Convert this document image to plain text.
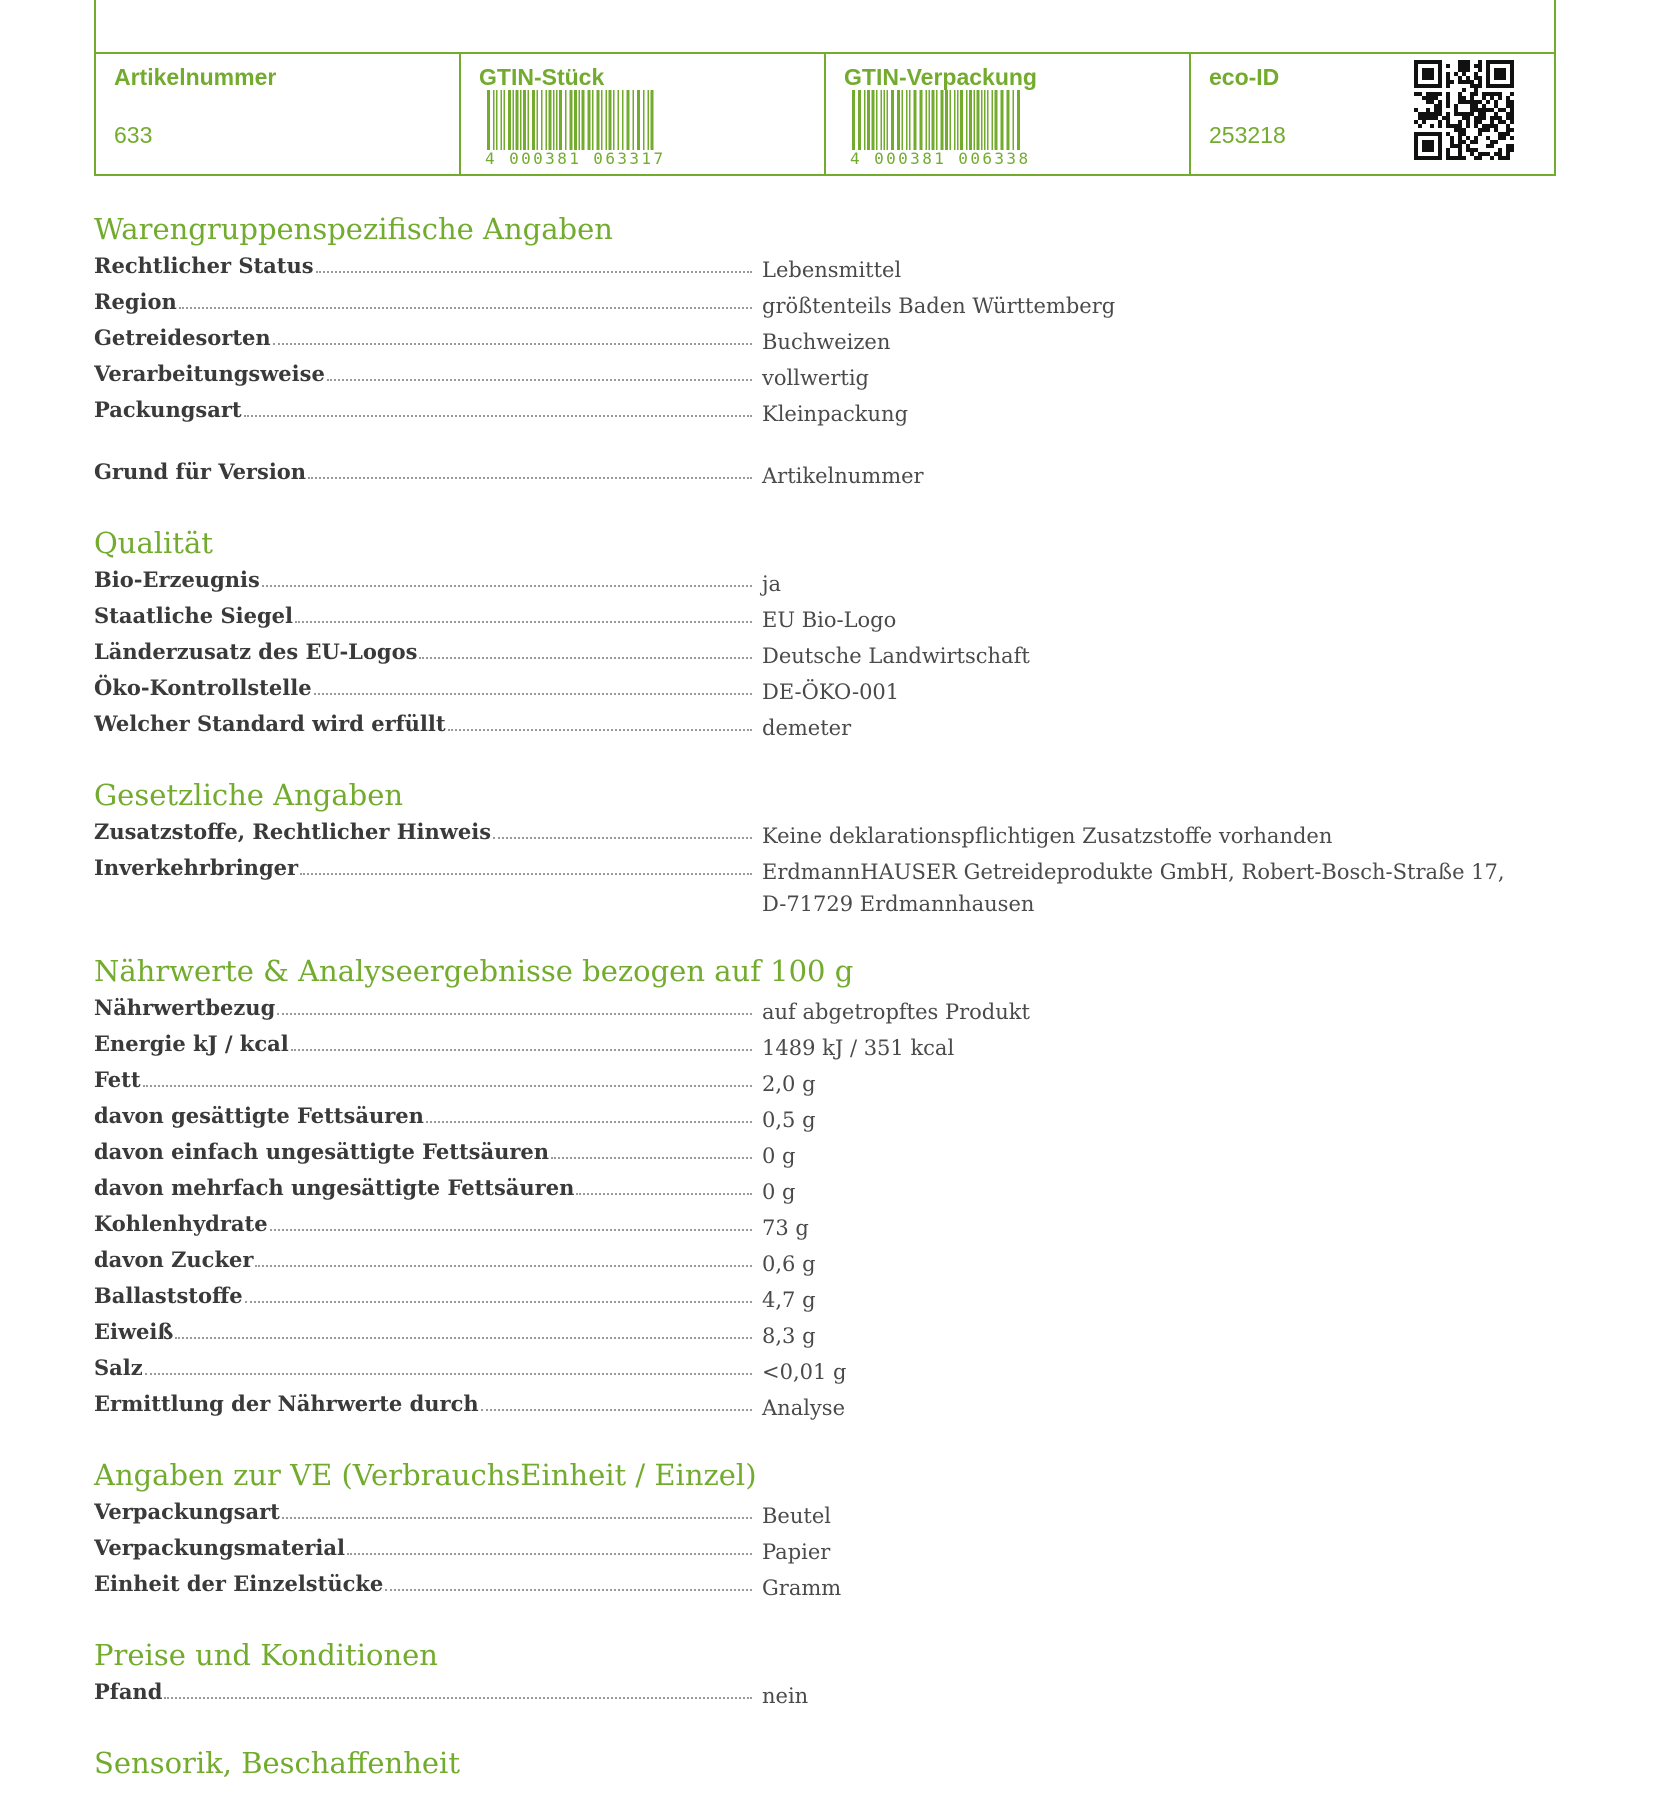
Artikelnummer
633
GTIN-Stück
4 000381 063317
GTIN-Verpackung
4 000381 006338
eco-ID
253218
Warengruppenspezifische Angaben
Rechtlicher Status	Lebensmittel
Region	größtenteils Baden Württemberg
Getreidesorten	Buchweizen
Verarbeitungsweise	vollwertig
Packungsart	Kleinpackung
Grund für Version	Artikelnummer
Qualität
Bio-Erzeugnis	ja
Staatliche Siegel	EU Bio-Logo
Länderzusatz des EU-Logos	Deutsche Landwirtschaft
Öko-Kontrollstelle	DE-ÖKO-001
Welcher Standard wird erfüllt	demeter
Gesetzliche Angaben
Zusatzstoffe, Rechtlicher Hinweis	Keine deklarationspflichtigen Zusatzstoffe vorhanden
Inverkehrbringer	ErdmannHAUSER Getreideprodukte GmbH, Robert-Bosch-Straße 17, D-71729 Erdmannhausen
Nährwerte & Analyseergebnisse bezogen auf 100 g
Nährwertbezug	auf abgetropftes Produkt
Energie kJ / kcal	1489 kJ / 351 kcal
Fett	2,0 g
davon gesättigte Fettsäuren	0,5 g
davon einfach ungesättigte Fettsäuren	0 g
davon mehrfach ungesättigte Fettsäuren	0 g
Kohlenhydrate	73 g
davon Zucker	0,6 g
Ballaststoffe	4,7 g
Eiweiß	8,3 g
Salz	<0,01 g
Ermittlung der Nährwerte durch	Analyse
Angaben zur VE (VerbrauchsEinheit / Einzel)
Verpackungsart	Beutel
Verpackungsmaterial	Papier
Einheit der Einzelstücke	Gramm
Preise und Konditionen
Pfand	nein
Sensorik, Beschaffenheit
